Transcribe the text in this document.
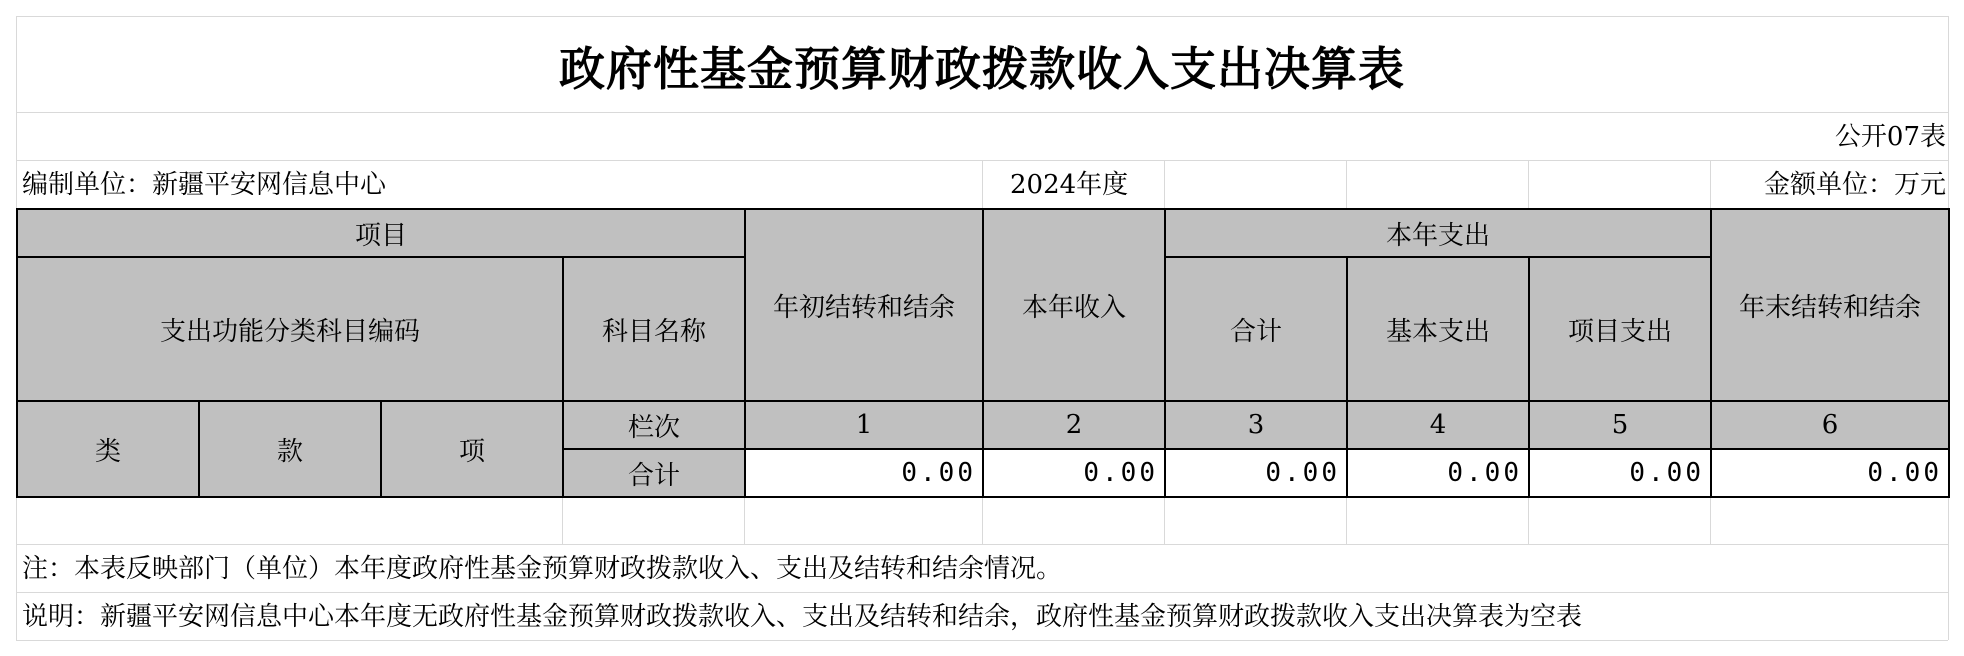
政府性基金预算财政拨款收入支出决算表
公开07表
编制单位：新疆平安网信息中心	2024年度	金额单位：万元
项目				年初结转和结余	本年收入	本年支出			年末结转和结余
支出功能分类科目编码			科目名称			合计	基本支出	项目支出	
类	款	项	栏次	1	2	3	4	5	6
			合计	0.00	0.00	0.00	0.00	0.00	0.00
注：本表反映部门（单位）本年度政府性基金预算财政拨款收入、支出及结转和结余情况。
说明：新疆平安网信息中心本年度无政府性基金预算财政拨款收入、支出及结转和结余，政府性基金预算财政拨款收入支出决算表为空表
